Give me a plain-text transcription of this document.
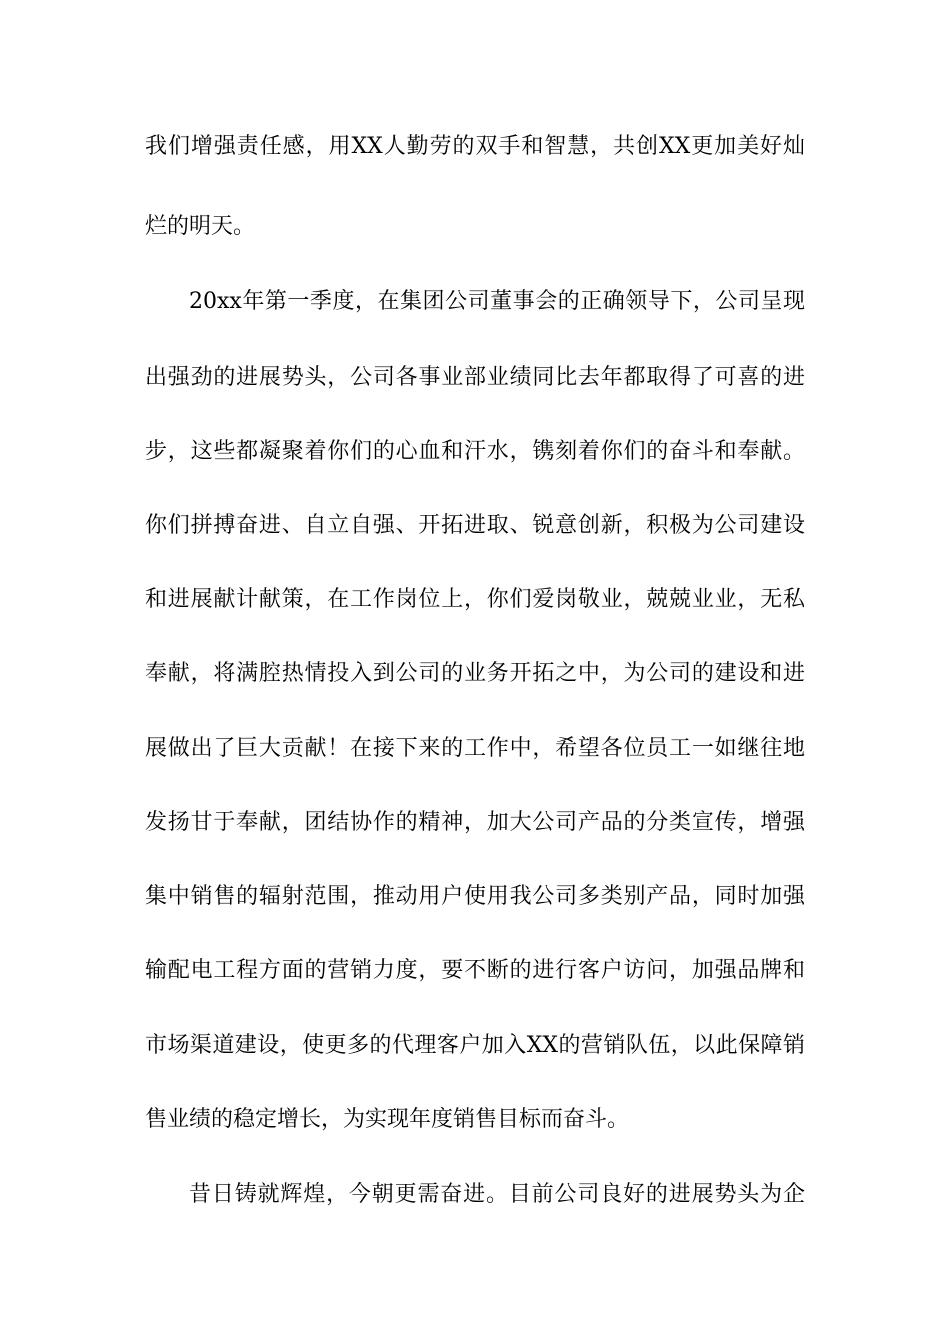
我们增强责任感，用XX人勤劳的双手和智慧，共创XX更加美好灿
烂的明天。
20xx年第一季度，在集团公司董事会的正确领导下，公司呈现
出强劲的进展势头，公司各事业部业绩同比去年都取得了可喜的进
步，这些都凝聚着你们的心血和汗水，镌刻着你们的奋斗和奉献。
你们拼搏奋进、自立自强、开拓进取、锐意创新，积极为公司建设
和进展献计献策，在工作岗位上，你们爱岗敬业，兢兢业业，无私
奉献，将满腔热情投入到公司的业务开拓之中，为公司的建设和进
展做出了巨大贡献！在接下来的工作中，希望各位员工一如继往地
发扬甘于奉献，团结协作的精神，加大公司产品的分类宣传，增强
集中销售的辐射范围，推动用户使用我公司多类别产品，同时加强
输配电工程方面的营销力度，要不断的进行客户访问，加强品牌和
市场渠道建设，使更多的代理客户加入XX的营销队伍，以此保障销
售业绩的稳定增长，为实现年度销售目标而奋斗。
昔日铸就辉煌，今朝更需奋进。目前公司良好的进展势头为企
